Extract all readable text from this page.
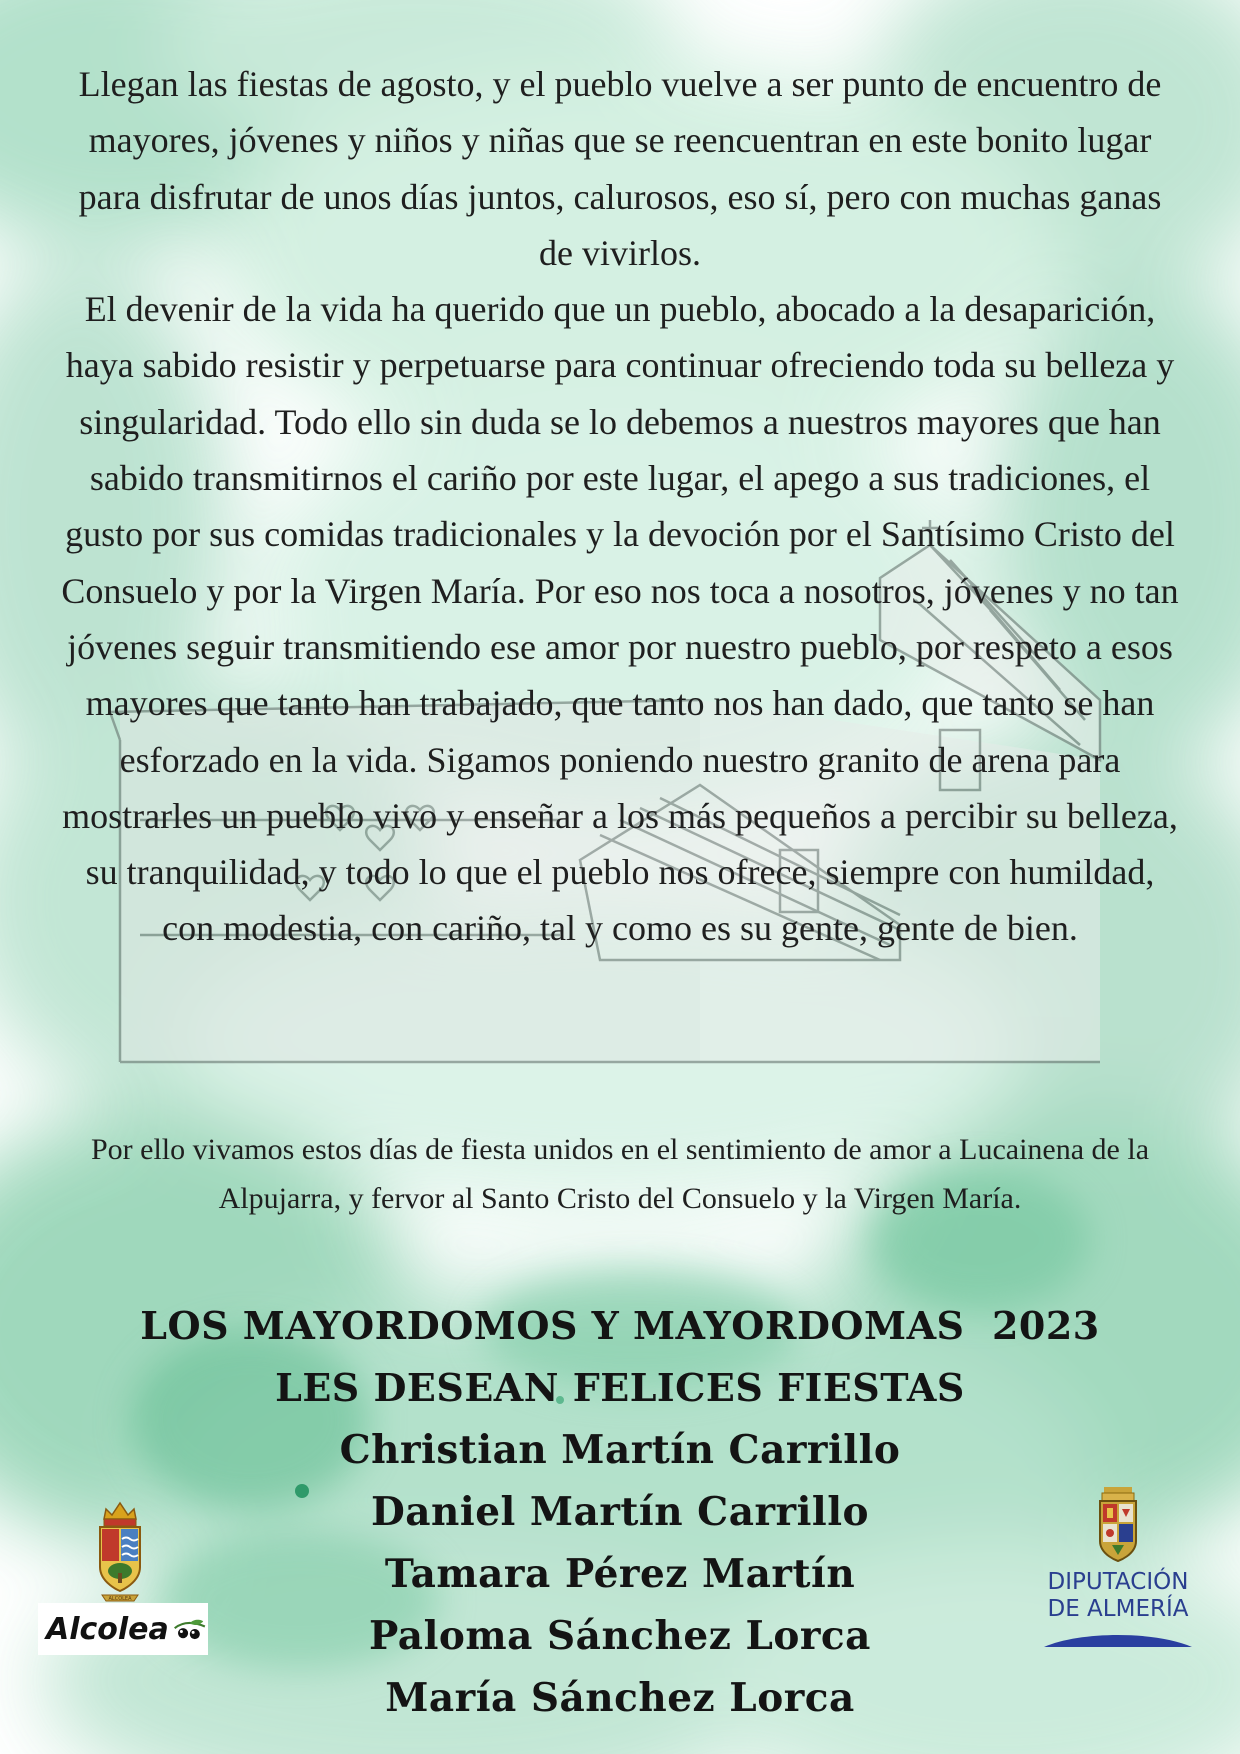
Llegan las fiestas de agosto, y el pueblo vuelve a ser punto de encuentro de mayores, jóvenes y niños y niñas que se reencuentran en este bonito lugar para disfrutar de unos días juntos, calurosos, eso sí, pero con muchas ganas de vivirlos.

El devenir de la vida ha querido que un pueblo, abocado a la desaparición, haya sabido resistir y perpetuarse para continuar ofreciendo toda su belleza y singularidad. Todo ello sin duda se lo debemos a nuestros mayores que han sabido transmitirnos el cariño por este lugar, el apego a sus tradiciones, el gusto por sus comidas tradicionales y la devoción por el Santísimo Cristo del Consuelo y por la Virgen María. Por eso nos toca a nosotros, jóvenes y no tan jóvenes seguir transmitiendo ese amor por nuestro pueblo, por respeto a esos mayores que tanto han trabajado, que tanto nos han dado, que tanto se han esforzado en la vida. Sigamos poniendo nuestro granito de arena para mostrarles un pueblo vivo y enseñar a los más pequeños a percibir su belleza, su tranquilidad, y todo lo que el pueblo nos ofrece, siempre con humildad, con modestia, con cariño, tal y como es su gente, gente de bien.

Por ello vivamos estos días de fiesta unidos en el sentimiento de amor a Lucainena de la Alpujarra, y fervor al Santo Cristo del Consuelo y la Virgen María.

LOS MAYORDOMOS Y MAYORDOMAS  2023

LES DESEAN FELICES FIESTAS

Christian Martín Carrillo

Daniel Martín Carrillo

Tamara Pérez Martín

Paloma Sánchez Lorca

María Sánchez Lorca

ALCOLEA
Alcolea
DIPUTACIÓN
DE ALMERÍA
